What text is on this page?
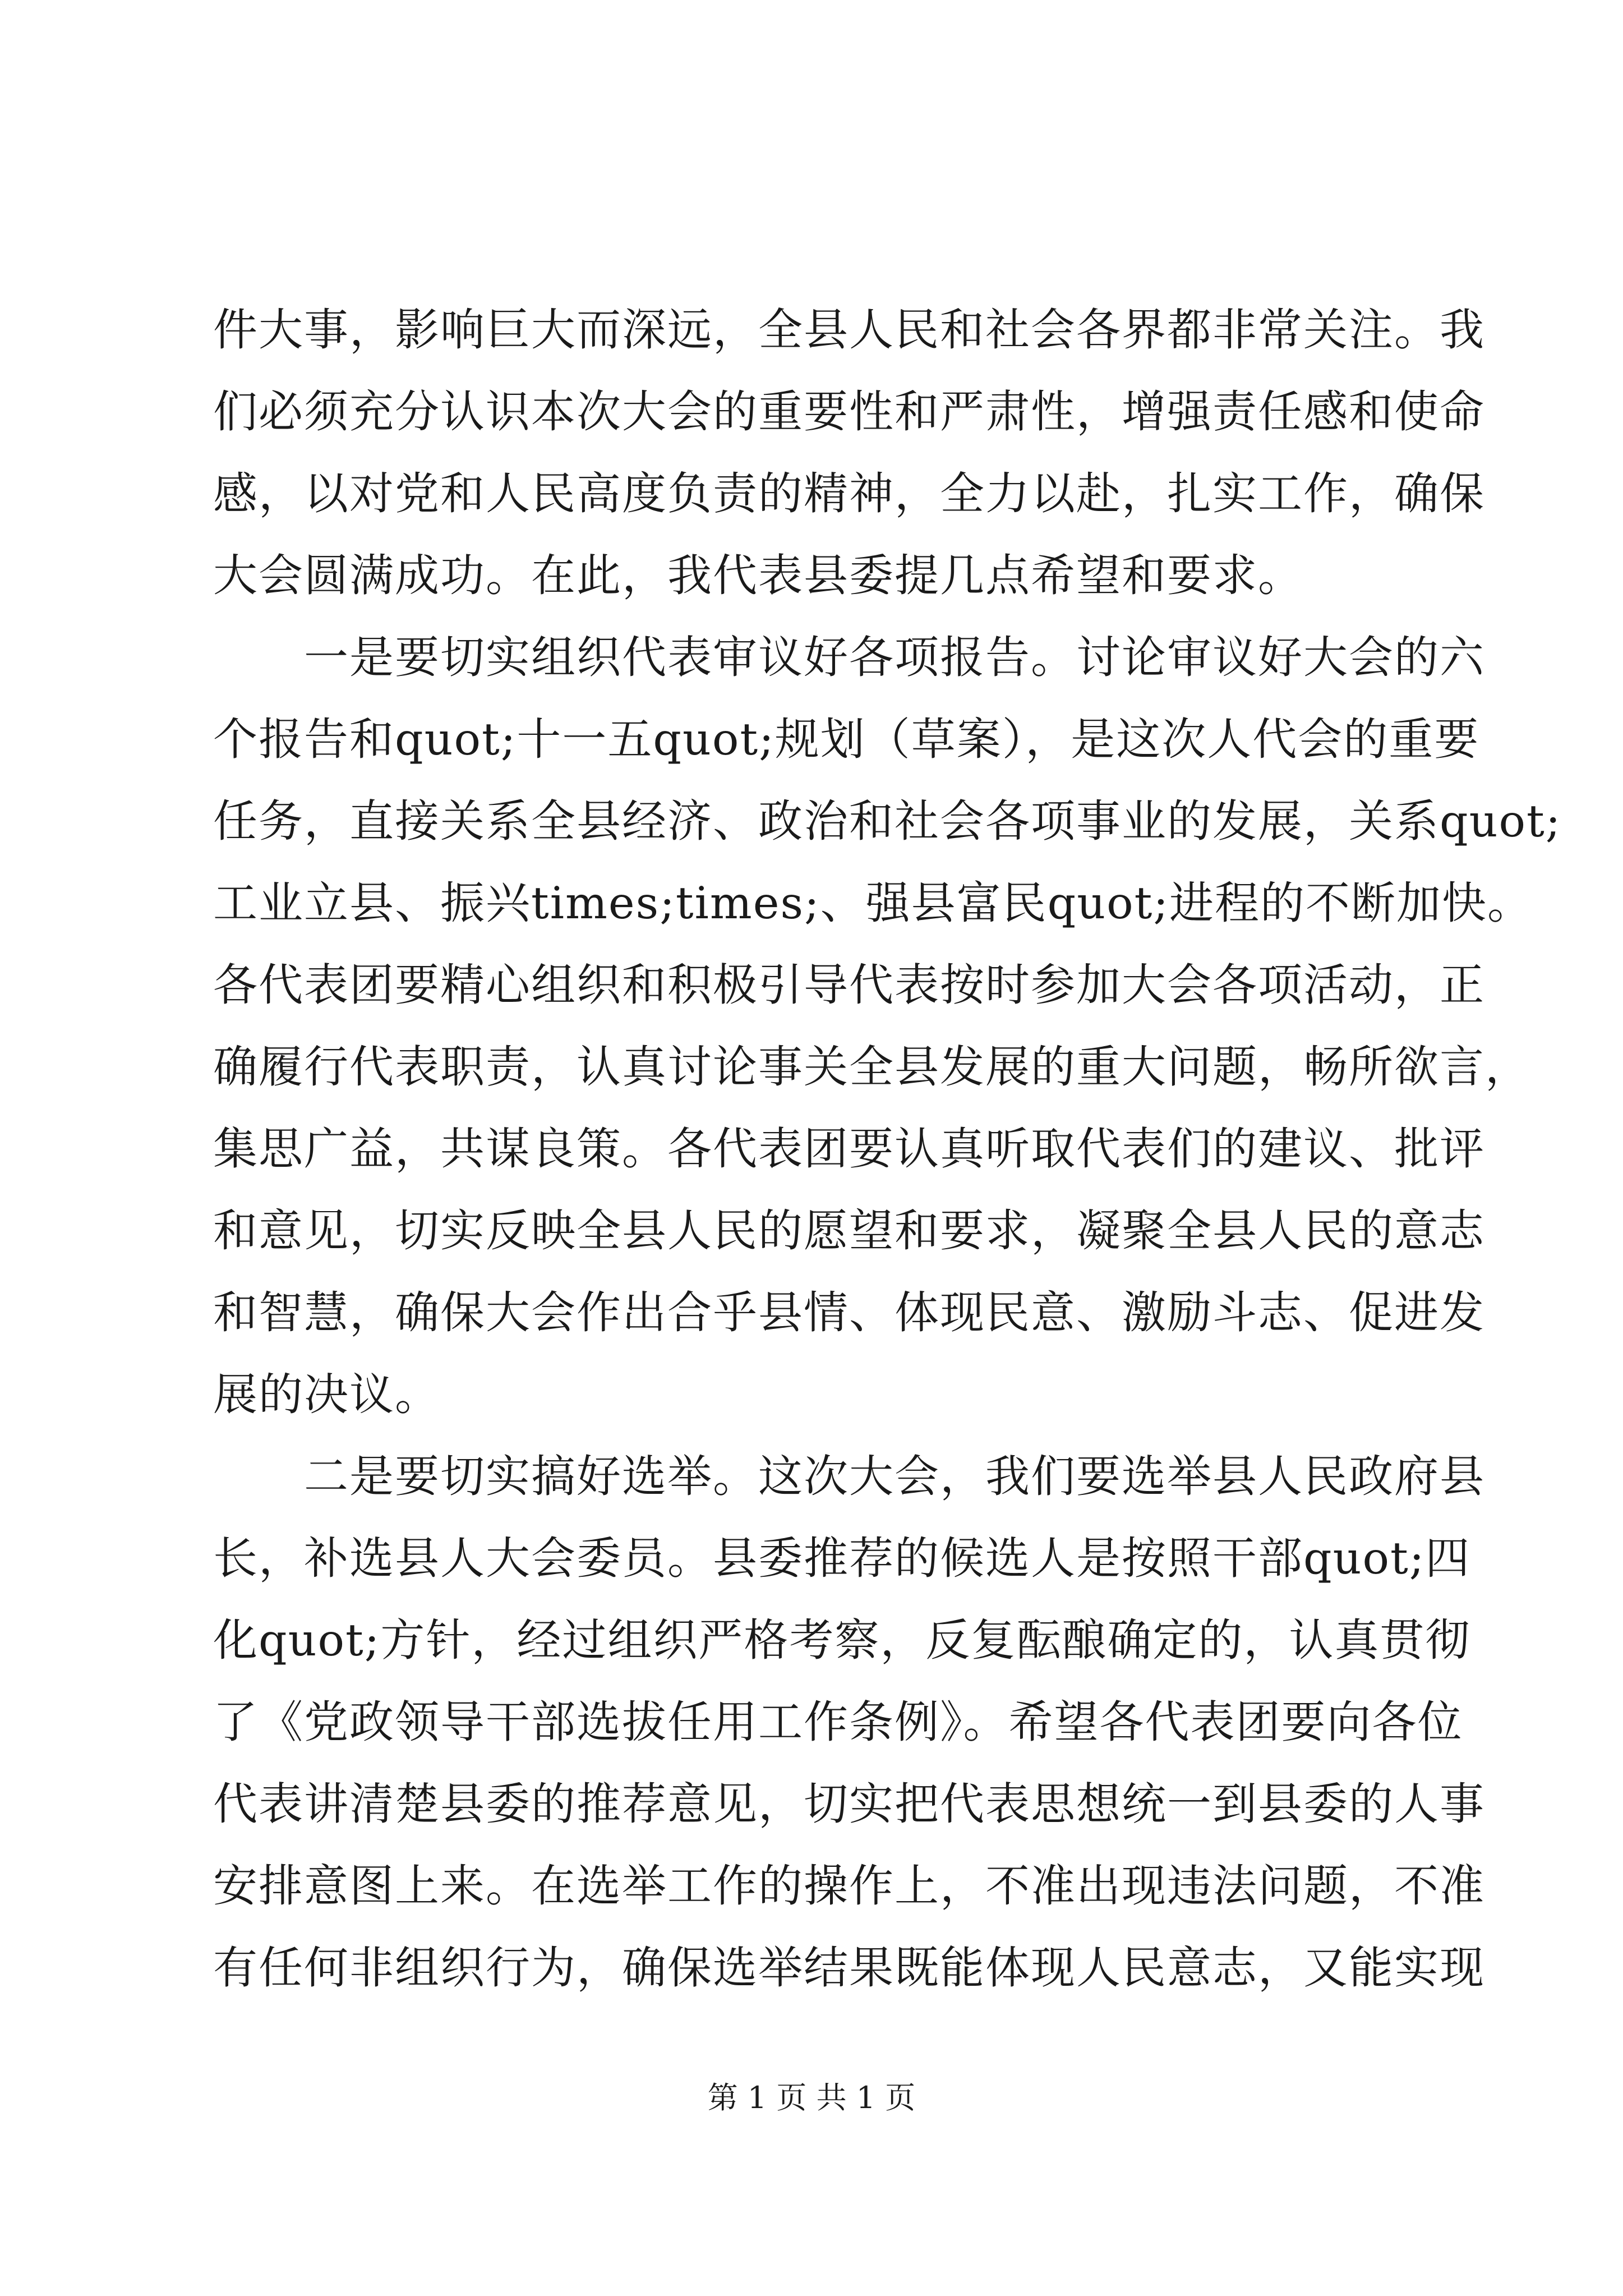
件大事，影响巨大而深远，全县人民和社会各界都非常关注。我
们必须充分认识本次大会的重要性和严肃性，增强责任感和使命
感，以对党和人民高度负责的精神，全力以赴，扎实工作，确保
大会圆满成功。在此，我代表县委提几点希望和要求。
　　一是要切实组织代表审议好各项报告。讨论审议好大会的六
个报告和quot;十一五quot;规划（草案），是这次人代会的重要
任务，直接关系全县经济、政治和社会各项事业的发展，关系quot;
工业立县、振兴times;times;、强县富民quot;进程的不断加快。
各代表团要精心组织和积极引导代表按时参加大会各项活动，正
确履行代表职责，认真讨论事关全县发展的重大问题，畅所欲言，
集思广益，共谋良策。各代表团要认真听取代表们的建议、批评
和意见，切实反映全县人民的愿望和要求，凝聚全县人民的意志
和智慧，确保大会作出合乎县情、体现民意、激励斗志、促进发
展的决议。
　　二是要切实搞好选举。这次大会，我们要选举县人民政府县
长，补选县人大会委员。县委推荐的候选人是按照干部quot;四
化quot;方针，经过组织严格考察，反复酝酿确定的，认真贯彻
了《党政领导干部选拔任用工作条例》。希望各代表团要向各位
代表讲清楚县委的推荐意见，切实把代表思想统一到县委的人事
安排意图上来。在选举工作的操作上，不准出现违法问题，不准
有任何非组织行为，确保选举结果既能体现人民意志，又能实现
第 1 页 共 1 页
